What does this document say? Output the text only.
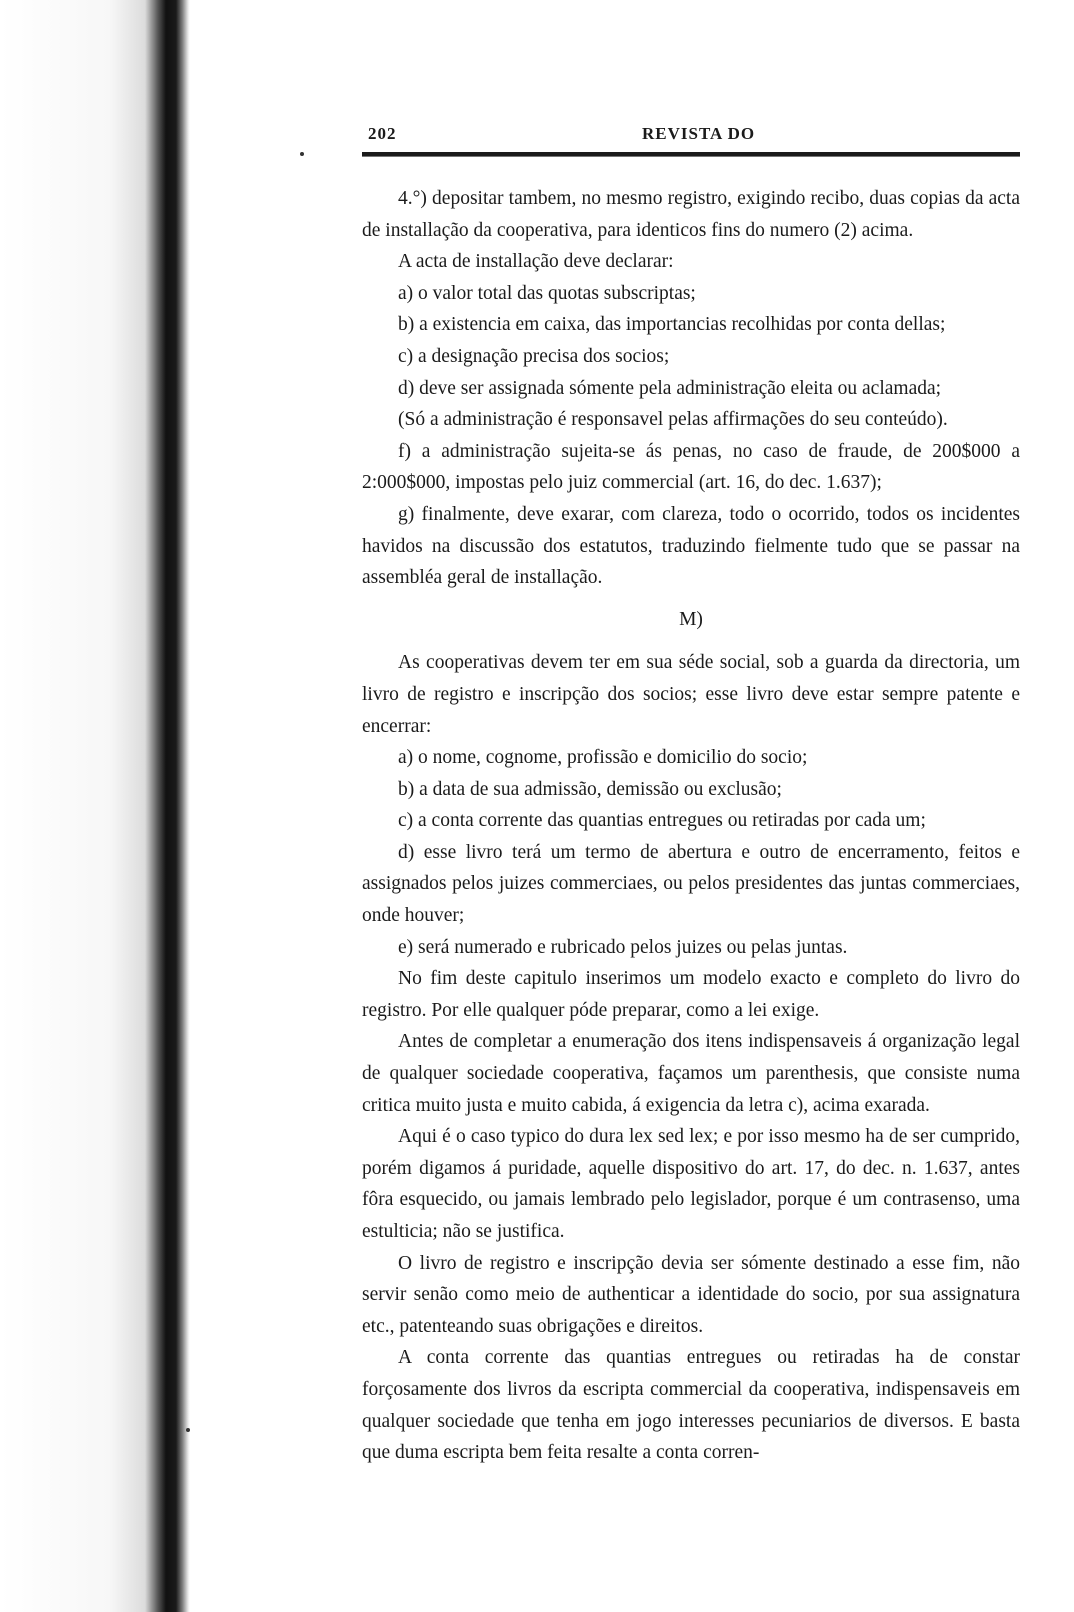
202	REVISTA DO

4.°) depositar tambem, no mesmo registro, exigindo recibo, duas copias da acta de installação da cooperativa, para identicos fins do numero (2) acima.

A acta de installação deve declarar:

a) o valor total das quotas subscriptas;

b) a existencia em caixa, das importancias recolhidas por conta dellas;

c) a designação precisa dos socios;

d) deve ser assignada sómente pela administração eleita ou aclamada;

(Só a administração é responsavel pelas affirmações do seu conteúdo).

f) a administração sujeita-se ás penas, no caso de fraude, de 200$000 a 2:000$000, impostas pelo juiz commercial (art. 16, do dec. 1.637);

g) finalmente, deve exarar, com clareza, todo o ocorrido, todos os incidentes havidos na discussão dos estatutos, traduzindo fielmente tudo que se passar na assembléa geral de installação.

M)

As cooperativas devem ter em sua séde social, sob a guarda da directoria, um livro de registro e inscripção dos socios; esse livro deve estar sempre patente e encerrar:

a) o nome, cognome, profissão e domicilio do socio;

b) a data de sua admissão, demissão ou exclusão;

c) a conta corrente das quantias entregues ou retiradas por cada um;

d) esse livro terá um termo de abertura e outro de encerramento, feitos e assignados pelos juizes commerciaes, ou pelos presidentes das juntas commerciaes, onde houver;

e) será numerado e rubricado pelos juizes ou pelas juntas.

No fim deste capitulo inserimos um modelo exacto e completo do livro do registro. Por elle qualquer póde preparar, como a lei exige.

Antes de completar a enumeração dos itens indispensaveis á organização legal de qualquer sociedade cooperativa, façamos um parenthesis, que consiste numa critica muito justa e muito cabida, á exigencia da letra c), acima exarada.

Aqui é o caso typico do dura lex sed lex; e por isso mesmo ha de ser cumprido, porém digamos á puridade, aquelle dispositivo do art. 17, do dec. n. 1.637, antes fôra esquecido, ou jamais lembrado pelo legislador, porque é um contrasenso, uma estulticia; não se justifica.

O livro de registro e inscripção devia ser sómente destinado a esse fim, não servir senão como meio de authenticar a identidade do socio, por sua assignatura etc., patenteando suas obrigações e direitos.

A conta corrente das quantias entregues ou retiradas ha de constar forçosamente dos livros da escripta commercial da cooperativa, indispensaveis em qualquer sociedade que tenha em jogo interesses pecuniarios de diversos. E basta que duma escripta bem feita resalte a conta corren-
